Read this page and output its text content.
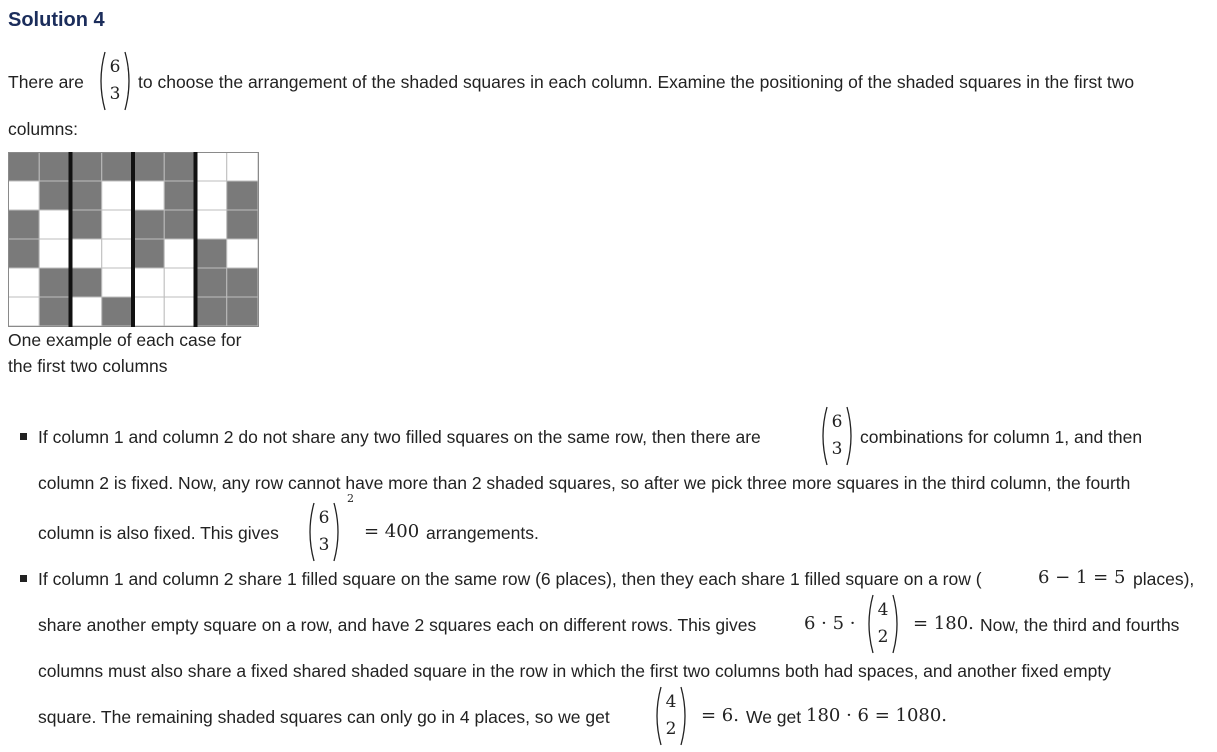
Solution 4
There are
6
3
to choose the arrangement of the shaded squares in each column. Examine the positioning of the shaded squares in the first two
columns:
One example of each case for
the first two columns
If column 1 and column 2 do not share any two filled squares on the same row, then there are
6
3
combinations for column 1, and then
column 2 is fixed. Now, any row cannot have more than 2 shaded squares, so after we pick three more squares in the third column, the fourth
column is also fixed. This gives
6
3
2
= 400 arrangements.
If column 1 and column 2 share 1 filled square on the same row (6 places), then they each share 1 filled square on a row (	6 − 1 = 5 places),
share another empty square on a row, and have 2 squares each on different rows. This gives	6 · 5 ·
4
2
= 180. Now, the third and fourths
columns must also share a fixed shared shaded square in the row in which the first two columns both had spaces, and another fixed empty
square. The remaining shaded squares can only go in 4 places, so we get
4
2
= 6. We get 180 · 6 = 1080.
